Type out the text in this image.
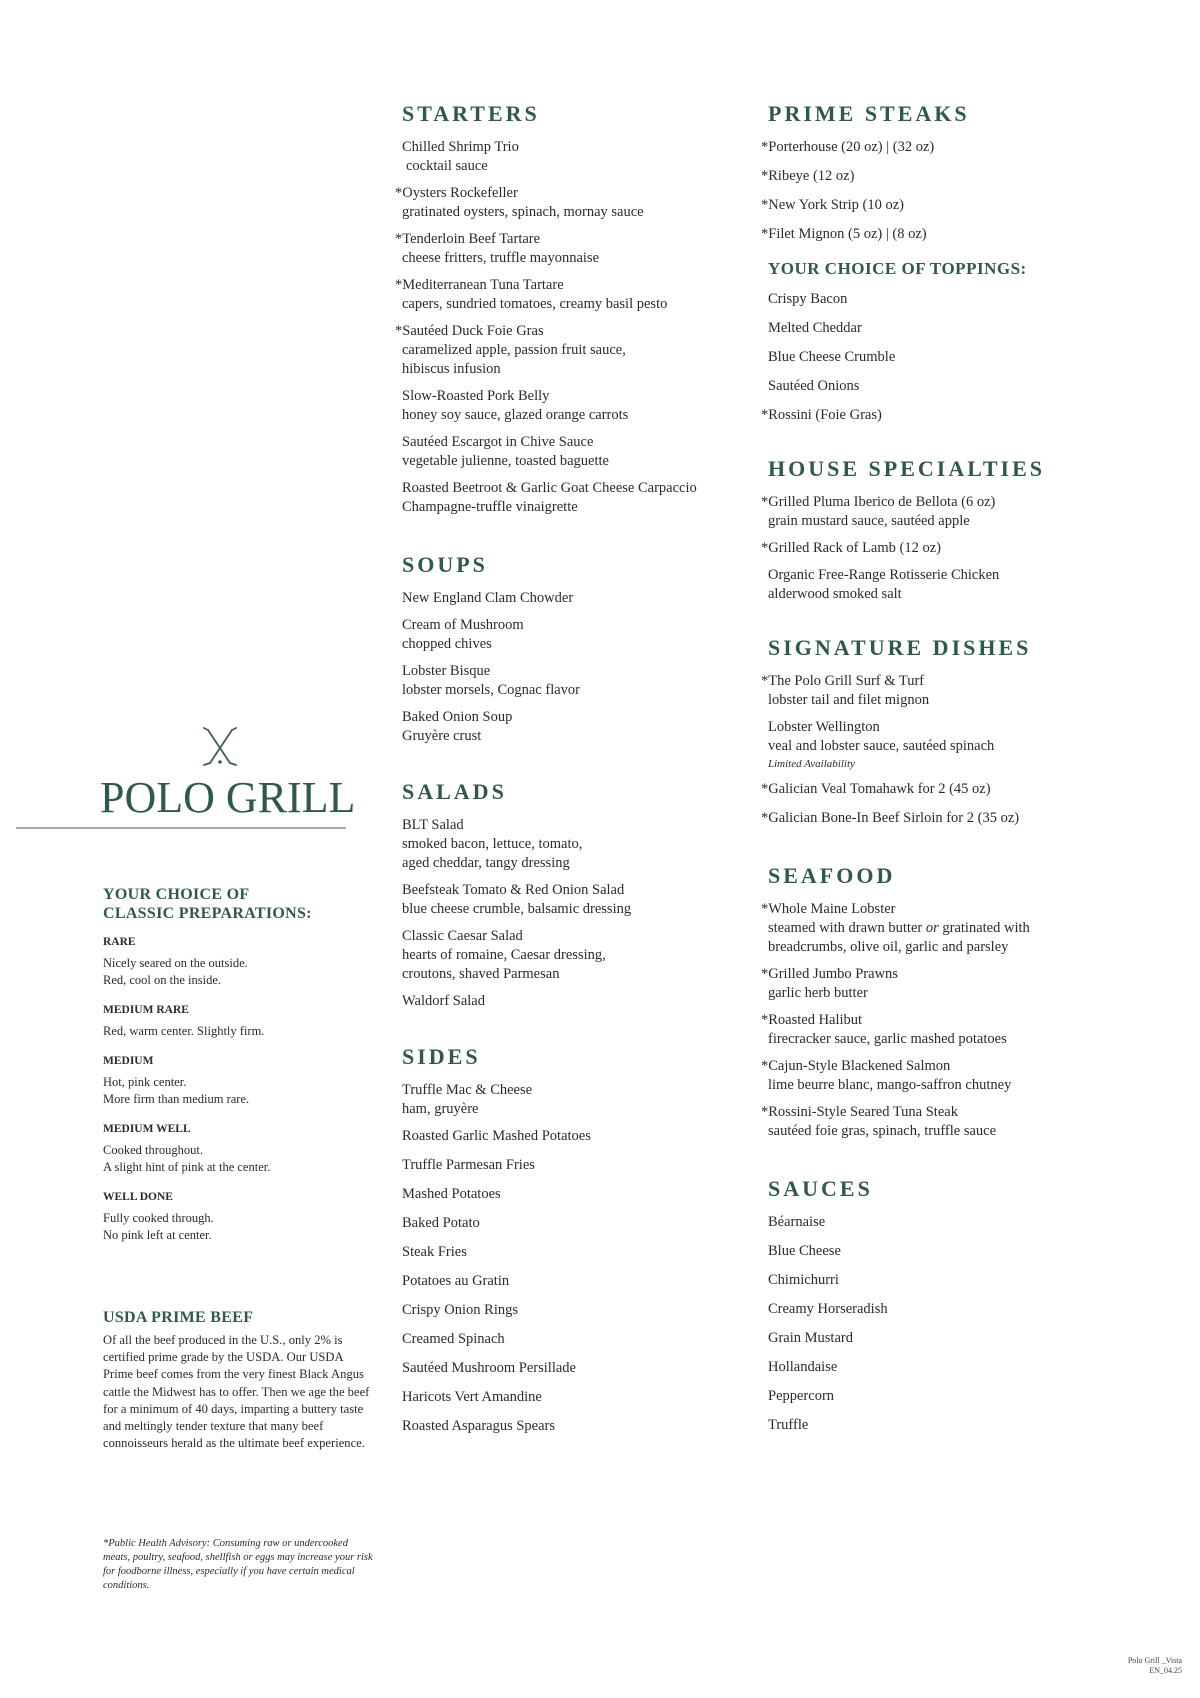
POLO GRILL
YOUR CHOICE OF
CLASSIC PREPARATIONS:
RARE
Nicely seared on the outside.
Red, cool on the inside.
MEDIUM RARE
Red, warm center. Slightly firm.
MEDIUM
Hot, pink center.
More firm than medium rare.
MEDIUM WELL
Cooked throughout.
A slight hint of pink at the center.
WELL DONE
Fully cooked through.
No pink left at center.
USDA PRIME BEEF
Of all the beef produced in the U.S., only 2% is certified prime grade by the USDA. Our USDA Prime beef comes from the very finest Black Angus cattle the Midwest has to offer. Then we age the beef for a minimum of 40 days, imparting a buttery taste and meltingly tender texture that many beef connoisseurs herald as the ultimate beef experience.
*Public Health Advisory: Consuming raw or undercooked meats, poultry, seafood, shellfish or eggs may increase your risk for foodborne illness, especially if you have certain medical conditions.
Polo Grill _Vista
EN_04.25
STARTERS
Chilled Shrimp Trio
cocktail sauce
*Oysters Rockefeller
gratinated oysters, spinach, mornay sauce
*Tenderloin Beef Tartare
cheese fritters, truffle mayonnaise
*Mediterranean Tuna Tartare
capers, sundried tomatoes, creamy basil pesto
*Sautéed Duck Foie Gras
caramelized apple, passion fruit sauce, hibiscus infusion
Slow-Roasted Pork Belly
honey soy sauce, glazed orange carrots
Sautéed Escargot in Chive Sauce
vegetable julienne, toasted baguette
Roasted Beetroot & Garlic Goat Cheese Carpaccio
Champagne-truffle vinaigrette
SOUPS
New England Clam Chowder
Cream of Mushroom
chopped chives
Lobster Bisque
lobster morsels, Cognac flavor
Baked Onion Soup
Gruyère crust
SALADS
BLT Salad
smoked bacon, lettuce, tomato, aged cheddar, tangy dressing
Beefsteak Tomato & Red Onion Salad
blue cheese crumble, balsamic dressing
Classic Caesar Salad
hearts of romaine, Caesar dressing, croutons, shaved Parmesan
Waldorf Salad
SIDES
Truffle Mac & Cheese
ham, gruyère
Roasted Garlic Mashed Potatoes
Truffle Parmesan Fries
Mashed Potatoes
Baked Potato
Steak Fries
Potatoes au Gratin
Crispy Onion Rings
Creamed Spinach
Sautéed Mushroom Persillade
Haricots Vert Amandine
Roasted Asparagus Spears
PRIME STEAKS
*Porterhouse (20 oz) | (32 oz)
*Ribeye (12 oz)
*New York Strip (10 oz)
*Filet Mignon (5 oz) | (8 oz)
YOUR CHOICE OF TOPPINGS:
Crispy Bacon
Melted Cheddar
Blue Cheese Crumble
Sautéed Onions
*Rossini (Foie Gras)
HOUSE SPECIALTIES
*Grilled Pluma Iberico de Bellota (6 oz)
grain mustard sauce, sautéed apple
*Grilled Rack of Lamb (12 oz)
Organic Free-Range Rotisserie Chicken
alderwood smoked salt
SIGNATURE DISHES
*The Polo Grill Surf & Turf
lobster tail and filet mignon
Lobster Wellington
veal and lobster sauce, sautéed spinach
Limited Availability
*Galician Veal Tomahawk for 2 (45 oz)
*Galician Bone-In Beef Sirloin for 2 (35 oz)
SEAFOOD
*Whole Maine Lobster
steamed with drawn butter or gratinated with breadcrumbs, olive oil, garlic and parsley
*Grilled Jumbo Prawns
garlic herb butter
*Roasted Halibut
firecracker sauce, garlic mashed potatoes
*Cajun-Style Blackened Salmon
lime beurre blanc, mango-saffron chutney
*Rossini-Style Seared Tuna Steak
sautéed foie gras, spinach, truffle sauce
SAUCES
Béarnaise
Blue Cheese
Chimichurri
Creamy Horseradish
Grain Mustard
Hollandaise
Peppercorn
Truffle
